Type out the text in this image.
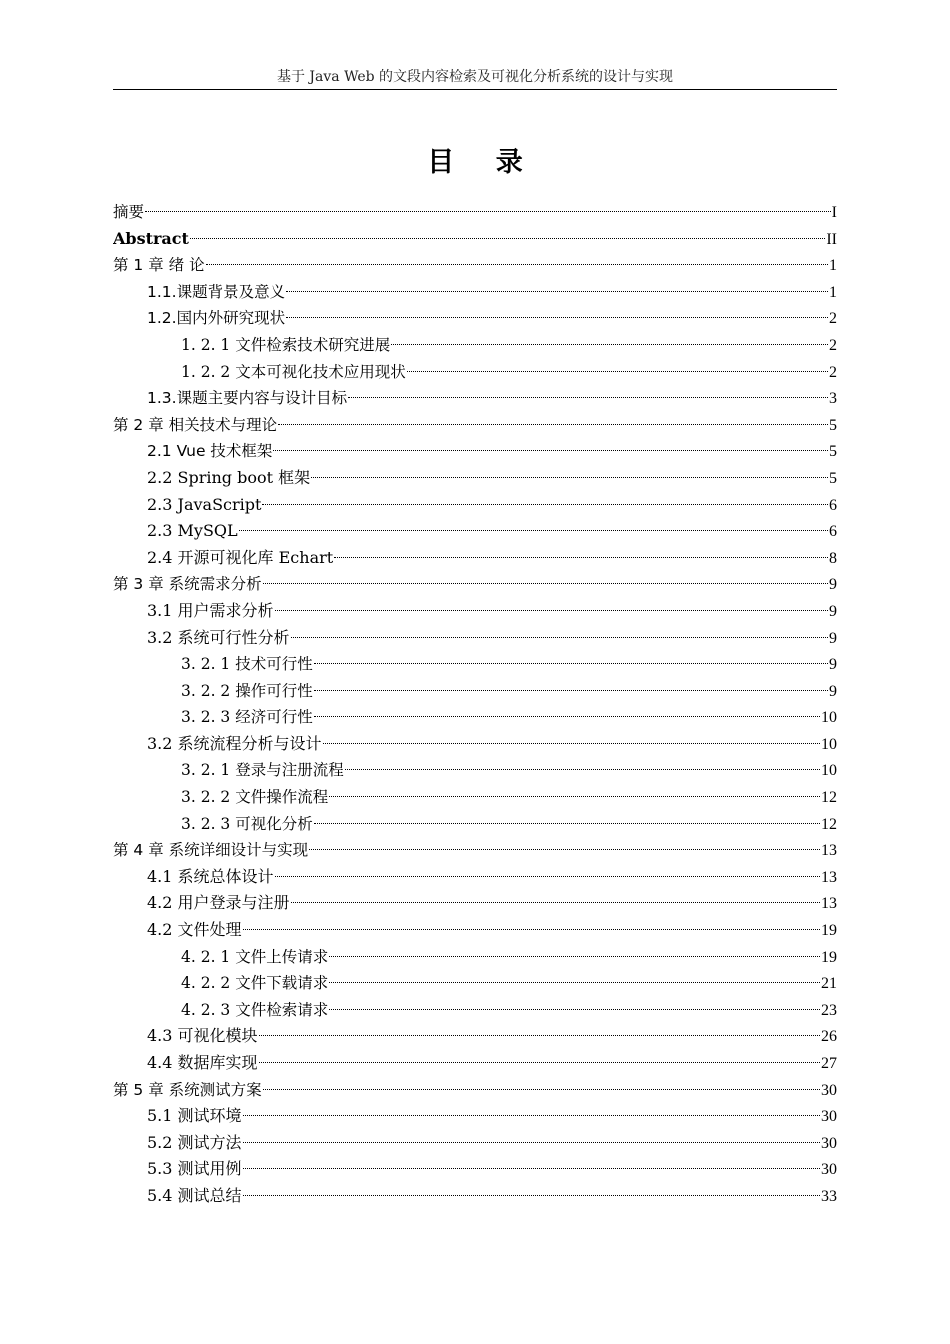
基于 Java Web 的文段内容检索及可视化分析系统的设计与实现
目 录
摘要	I
Abstract	II
第 1 章 绪 论	1
1.1.课题背景及意义	1
1.2.国内外研究现状	2
1. 2. 1 文件检索技术研究进展	2
1. 2. 2 文本可视化技术应用现状	2
1.3.课题主要内容与设计目标	3
第 2 章 相关技术与理论	5
2.1 Vue 技术框架	5
2.2 Spring boot 框架	5
2.3 JavaScript	6
2.3 MySQL	6
2.4 开源可视化库 Echart	8
第 3 章 系统需求分析	9
3.1 用户需求分析	9
3.2 系统可行性分析	9
3. 2. 1 技术可行性	9
3. 2. 2 操作可行性	9
3. 2. 3 经济可行性	10
3.2 系统流程分析与设计	10
3. 2. 1 登录与注册流程	10
3. 2. 2 文件操作流程	12
3. 2. 3 可视化分析	12
第 4 章 系统详细设计与实现	13
4.1 系统总体设计	13
4.2 用户登录与注册	13
4.2 文件处理	19
4. 2. 1 文件上传请求	19
4. 2. 2 文件下载请求	21
4. 2. 3 文件检索请求	23
4.3 可视化模块	26
4.4 数据库实现	27
第 5 章 系统测试方案	30
5.1 测试环境	30
5.2 测试方法	30
5.3 测试用例	30
5.4 测试总结	33
